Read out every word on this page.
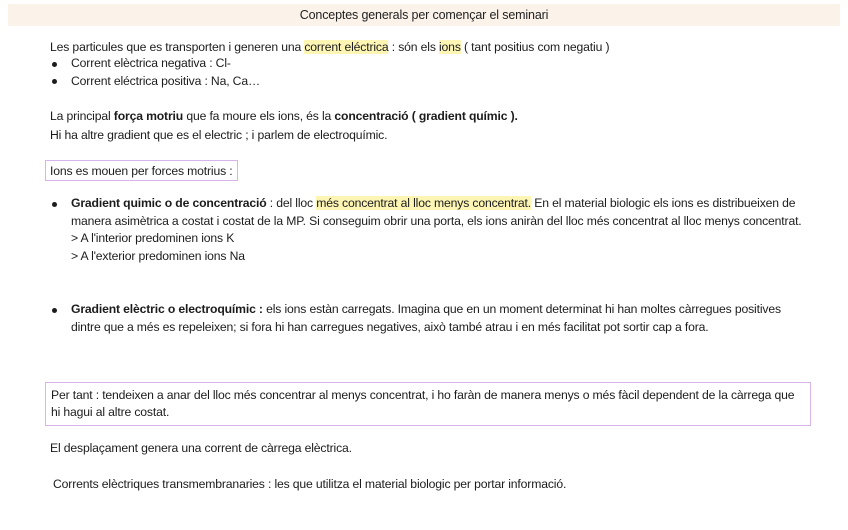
Conceptes generals per començar el seminari
Les particules que es transporten i generen una corrent eléctrica : són els ions ( tant positius com negatiu )
Corrent elèctrica negativa : Cl-
Corrent eléctrica positiva : Na, Ca…
La principal força motriu que fa moure els ions, és la concentració ( gradient químic ).
Hi ha altre gradient que es el electric ; i parlem de electroquímic.
Ions es mouen per forces motrius :
Gradient quimic o de concentració : del lloc més concentrat al lloc menys concentrat. En el material biologic els ions es distribueixen de manera asimètrica a costat i costat de la MP. Si conseguim obrir una porta, els ions aniràn del lloc més concentrat al lloc menys concentrat.
> A l'interior predominen ions K
> A l'exterior predominen ions Na
Gradient elèctric o electroquímic : els ions estàn carregats. Imagina que en un moment determinat hi han moltes càrregues positives dintre que a més es repeleixen; si fora hi han carregues negatives, això també atrau i en més facilitat pot sortir cap a fora.
Per tant : tendeixen a anar del lloc més concentrar al menys concentrat, i ho faràn de manera menys o més fàcil dependent de la càrrega que hi hagui al altre costat.
El desplaçament genera una corrent de càrrega elèctrica.
Corrents elèctriques transmembranaries : les que utilitza el material biologic per portar informació.
